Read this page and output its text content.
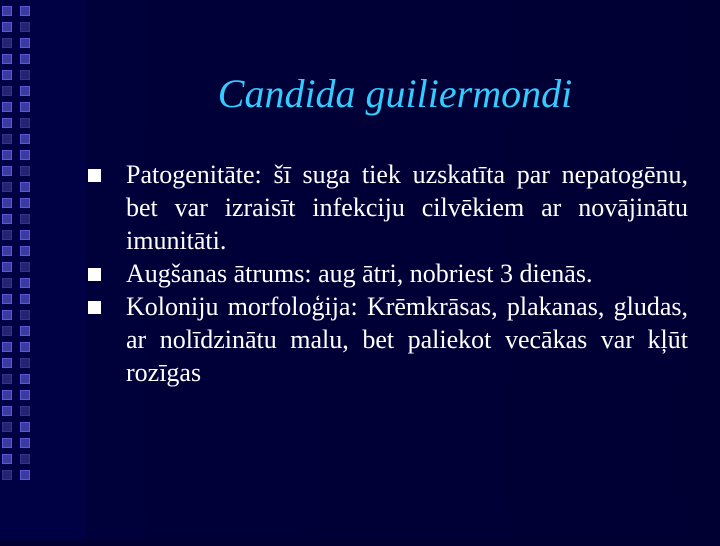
Candida guiliermondi
Patogenitāte: šī suga tiek uzskatīta par nepatogēnu, bet var izraisīt infekciju cilvēkiem ar novājinātu imunitāti.
Augšanas ātrums: aug ātri, nobriest 3 dienās.
Koloniju morfoloģija: Krēmkrāsas, plakanas, gludas, ar nolīdzinātu malu, bet paliekot vecākas var kļūt rozīgas
